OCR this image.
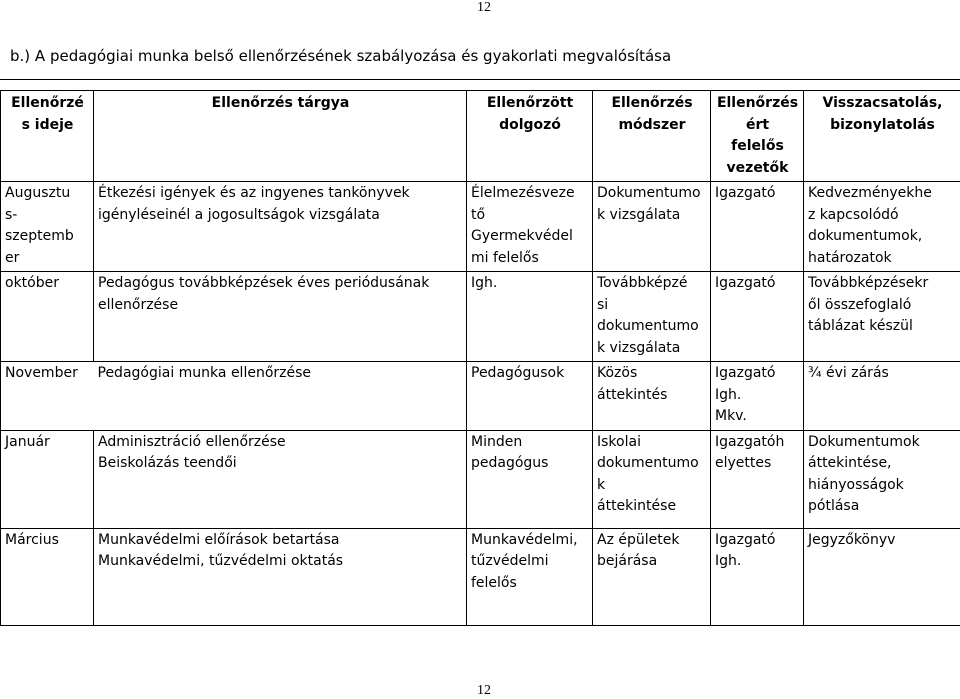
12
b.) A pedagógiai munka belső ellenőrzésének szabályozása és gyakorlati megvalósítása
Ellenőrzé
s ideje	Ellenőrzés tárgya	Ellenőrzött
dolgozó	Ellenőrzés
módszer	Ellenőrzés
ért
felelős
vezetők	Visszacsatolás,
bizonylatolás
Augusztu
s-
szeptemb
er	Étkezési igények és az ingyenes tankönyvek
igényléseinél a jogosultságok vizsgálata	Élelmezésveze
tő
Gyermekvédel
mi felelős	Dokumentumo
k vizsgálata	Igazgató	Kedvezményekhe
z kapcsolódó
dokumentumok,
határozatok
október	Pedagógus továbbképzések éves periódusának
ellenőrzése	Igh.	Továbbképzé
si
dokumentumo
k vizsgálata	Igazgató	Továbbképzésekr
ől összefoglaló
táblázat készül
November	Pedagógiai munka ellenőrzése	Pedagógusok	Közös
áttekintés	Igazgató
Igh.
Mkv.	¾ évi zárás
Január	Adminisztráció ellenőrzése
Beiskolázás teendői	Minden
pedagógus	Iskolai
dokumentumo
k
áttekintése	Igazgatóh
elyettes	Dokumentumok
áttekintése,
hiányosságok
pótlása
Március	Munkavédelmi előírások betartása
Munkavédelmi, tűzvédelmi oktatás	Munkavédelmi,
tűzvédelmi
felelős	Az épületek
bejárása	Igazgató
Igh.	Jegyzőkönyv
12
